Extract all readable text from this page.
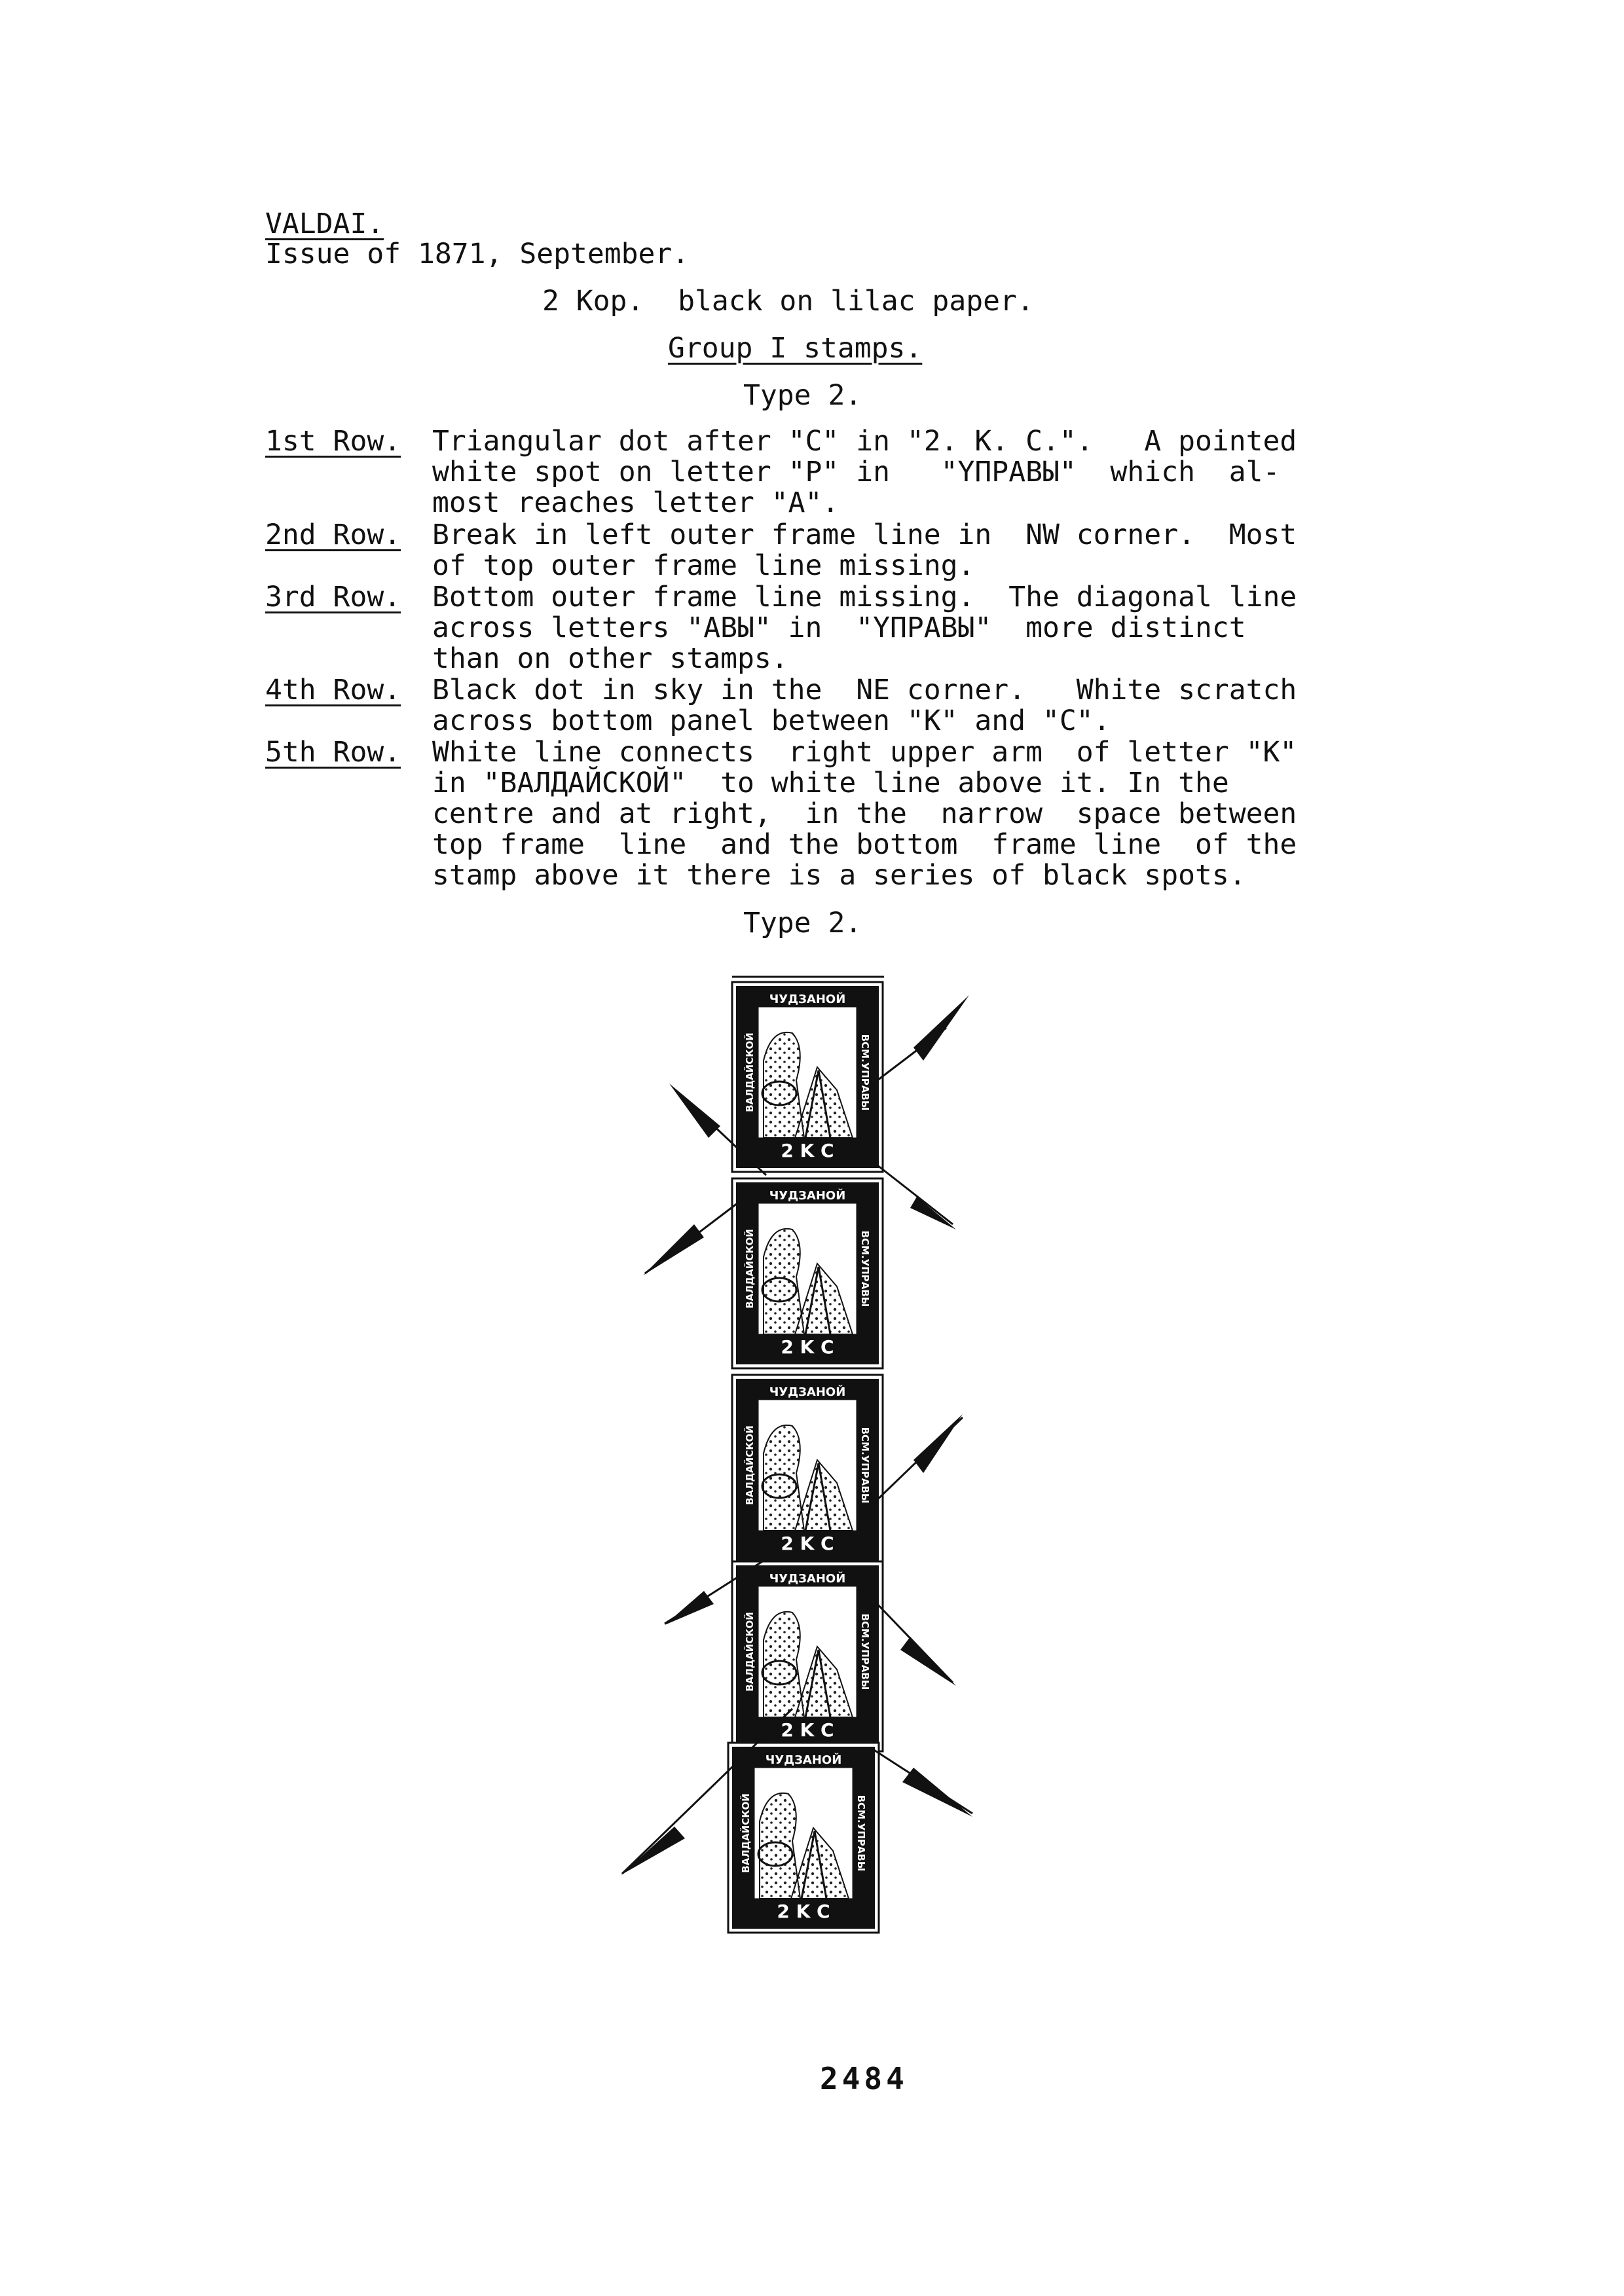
VALDAI.
Issue of 1871, September.
2 Kop.  black on lilac paper.
Group I stamps.
Type 2.
1st Row. Triangular dot after "C" in "2. K. C.".   A pointed
white spot on letter "P" in   "YПPABЫ"  which  al-
most reaches letter "A".
2nd Row. Break in left outer frame line in  NW corner.  Most
of top outer frame line missing.
3rd Row. Bottom outer frame line missing.  The diagonal line
across letters "ABЫ" in  "YПPABЫ"  more distinct
than on other stamps.
4th Row. Black dot in sky in the  NE corner.   White scratch
across bottom panel between "K" and "C".
5th Row. White line connects  right upper arm  of letter "K"
in "ВАЛДАЙСКОЙ"  to white line above it. In the
centre and at right,  in the  narrow  space between
top frame  line  and the bottom  frame line  of the
stamp above it there is a series of black spots.
Type 2.
ЧУДЗАНОЙ
2 K C
ВАЛДАЙСКОЙ	ВСМ.УПРАВЫ
ЧУДЗАНОЙ
2 K C
ВАЛДАЙСКОЙ	ВСМ.УПРАВЫ
ЧУДЗАНОЙ
2 K C
ВАЛДАЙСКОЙ	ВСМ.УПРАВЫ
ЧУДЗАНОЙ
2 K C
ВАЛДАЙСКОЙ	ВСМ.УПРАВЫ
ЧУДЗАНОЙ
2 K C
ВАЛДАЙСКОЙ	ВСМ.УПРАВЫ
2484
